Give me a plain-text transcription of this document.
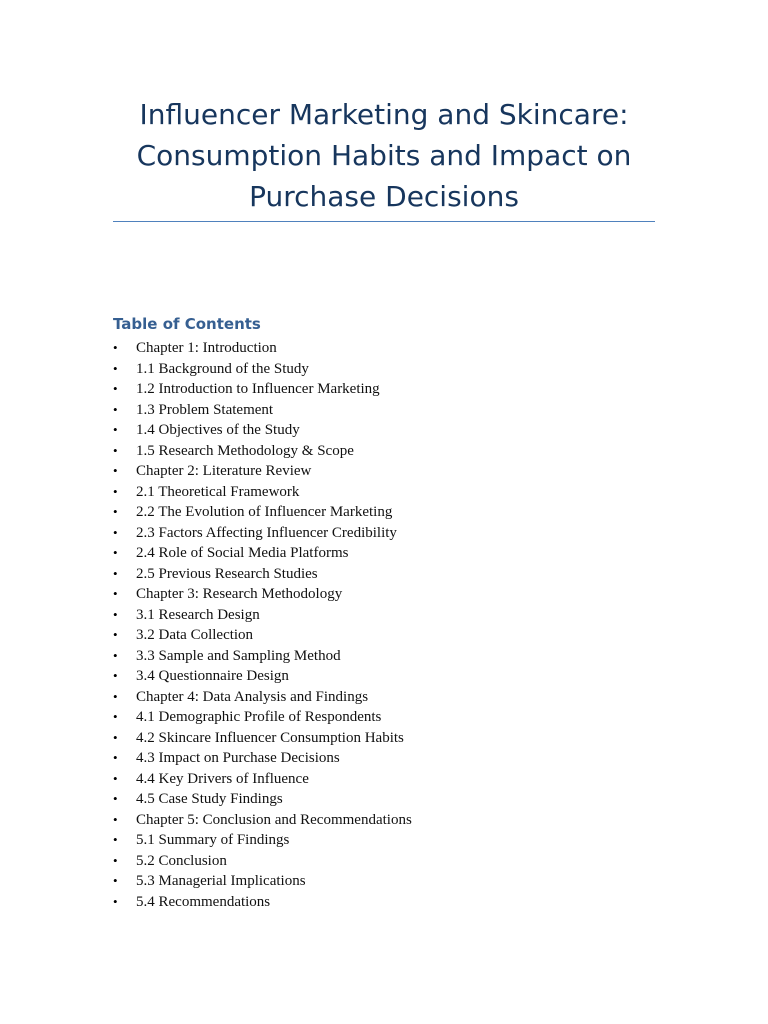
Influencer Marketing and Skincare:
Consumption Habits and Impact on
Purchase Decisions
Table of Contents
• Chapter 1: Introduction
• 1.1 Background of the Study
• 1.2 Introduction to Influencer Marketing
• 1.3 Problem Statement
• 1.4 Objectives of the Study
• 1.5 Research Methodology & Scope
• Chapter 2: Literature Review
• 2.1 Theoretical Framework
• 2.2 The Evolution of Influencer Marketing
• 2.3 Factors Affecting Influencer Credibility
• 2.4 Role of Social Media Platforms
• 2.5 Previous Research Studies
• Chapter 3: Research Methodology
• 3.1 Research Design
• 3.2 Data Collection
• 3.3 Sample and Sampling Method
• 3.4 Questionnaire Design
• Chapter 4: Data Analysis and Findings
• 4.1 Demographic Profile of Respondents
• 4.2 Skincare Influencer Consumption Habits
• 4.3 Impact on Purchase Decisions
• 4.4 Key Drivers of Influence
• 4.5 Case Study Findings
• Chapter 5: Conclusion and Recommendations
• 5.1 Summary of Findings
• 5.2 Conclusion
• 5.3 Managerial Implications
• 5.4 Recommendations
